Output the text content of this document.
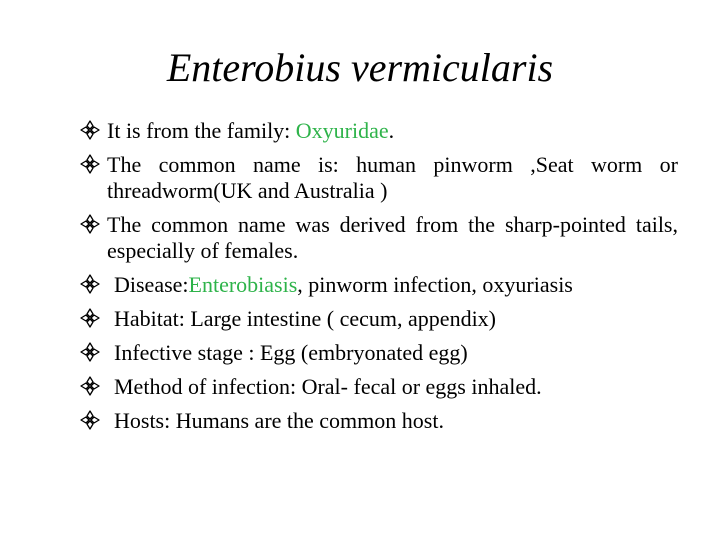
Enterobius vermicularis
It is from the family: Oxyuridae.
The common name is: human pinworm ,Seat worm or threadworm(UK and Australia )
The common name was derived from the sharp-pointed tails, especially of females.
Disease:Enterobiasis, pinworm infection, oxyuriasis
Habitat: Large intestine ( cecum, appendix)
Infective stage : Egg (embryonated egg)
Method of infection: Oral- fecal or eggs inhaled.
Hosts: Humans are the common host.
